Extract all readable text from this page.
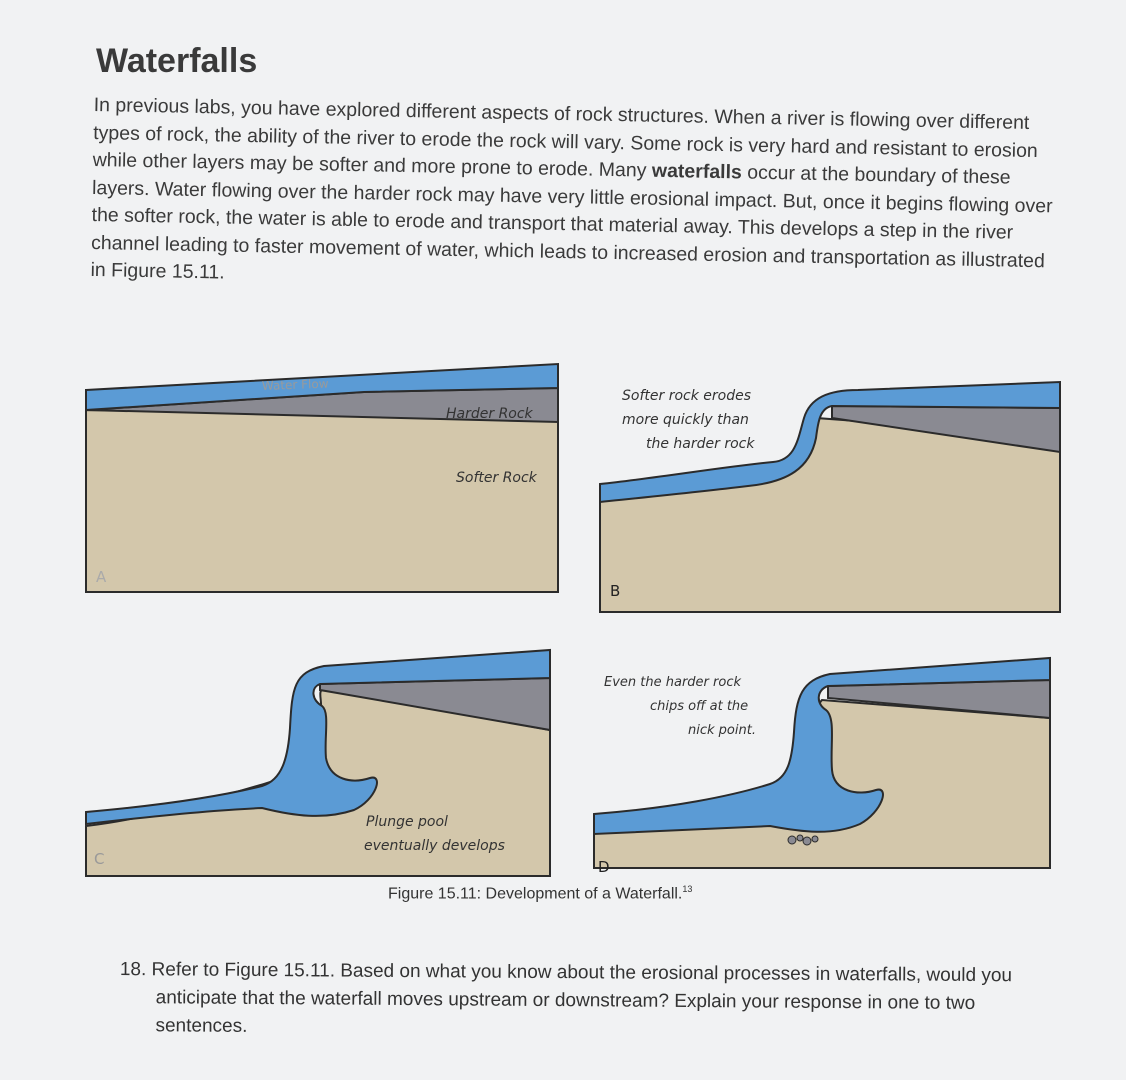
Waterfalls

In previous labs, you have explored different aspects of rock structures. When a river is flowing over different types of rock, the ability of the river to erode the rock will vary. Some rock is very hard and resistant to erosion while other layers may be softer and more prone to erode. Many waterfalls occur at the boundary of these layers. Water flowing over the harder rock may have very little erosional impact. But, once it begins flowing over the softer rock, the water is able to erode and transport that material away. This develops a step in the river channel leading to faster movement of water, which leads to increased erosion and transportation as illustrated in Figure 15.11.

Water Flow
Harder Rock
Softer Rock
A
Softer rock erodes
more quickly than
the harder rock
B
Plunge pool
eventually develops
C
Even the harder rock
chips off at the
nick point.
D

Figure 15.11: Development of a Waterfall.$^{13}$

18. Refer to Figure 15.11. Based on what you know about the erosional processes in waterfalls, would you anticipate that the waterfall moves upstream or downstream? Explain your response in one to two sentences.
